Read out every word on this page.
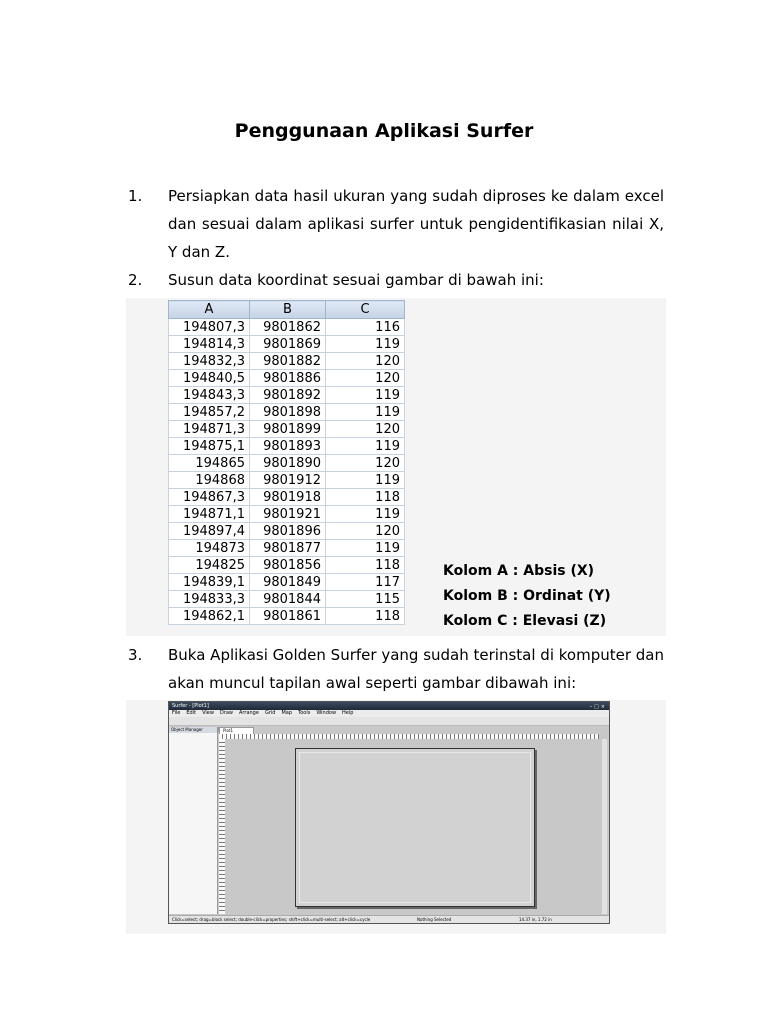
Penggunaan Aplikasi Surfer
1. Persiapkan data hasil ukuran yang sudah diproses ke dalam excel dan sesuai dalam aplikasi surfer untuk pengidentifikasian nilai X, Y dan Z.
2. Susun data koordinat sesuai gambar di bawah ini:
A	B	C
194807,3	9801862	116
194814,3	9801869	119
194832,3	9801882	120
194840,5	9801886	120
194843,3	9801892	119
194857,2	9801898	119
194871,3	9801899	120
194875,1	9801893	119
194865	9801890	120
194868	9801912	119
194867,3	9801918	118
194871,1	9801921	119
194897,4	9801896	120
194873	9801877	119
194825	9801856	118
194839,1	9801849	117
194833,3	9801844	115
194862,1	9801861	118
Kolom A : Absis (X)
Kolom B : Ordinat (Y)
Kolom C : Elevasi (Z)
3. Buka Aplikasi Golden Surfer yang sudah terinstal di komputer dan akan muncul tapilan awal seperti gambar dibawah ini:
Surfer - [Plot1]	–□×
File Edit View Draw Arrange Grid Map Tools Window Help
Object Manager	Plot1
Click=select; drag=block select; double-click=properties; shift+click=multi-select; alt+click=cycle	Nothing Selected	14.37 in, 1.72 in
